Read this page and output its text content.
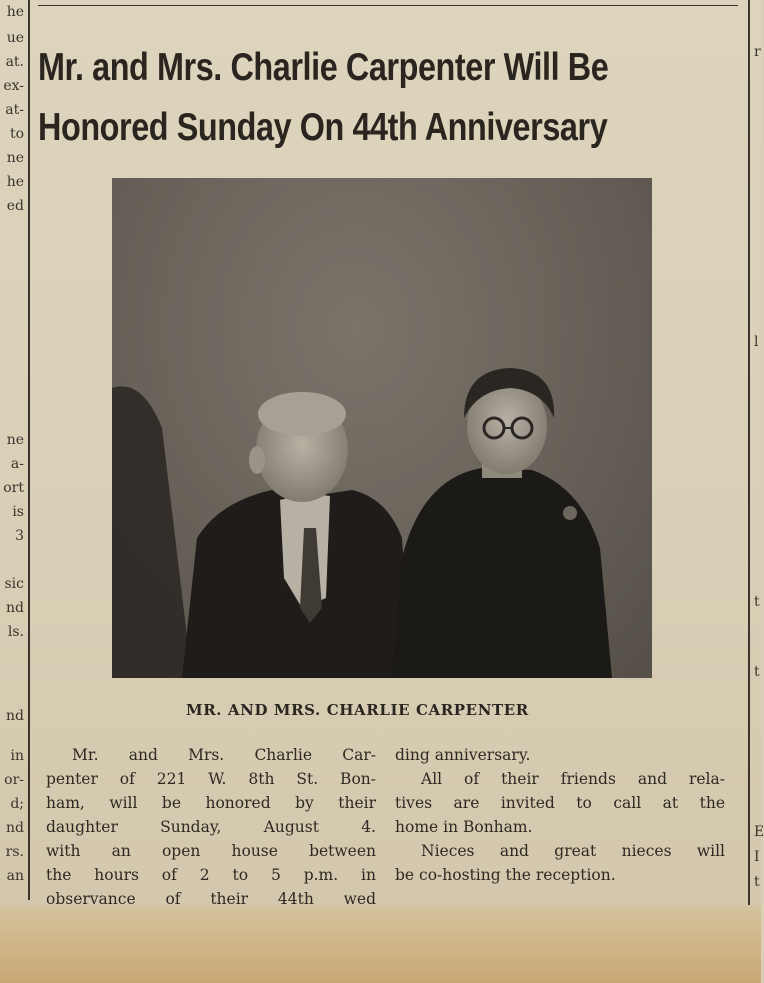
he
ue
at.
ex-
at-
to
ne
he
ed
ne
a-
ort
is
3
sic
nd
ls.
nd
in
or-
d;
nd
rs.
an
r
l
t
t
E
I
t
Mr. and Mrs. Charlie Carpenter Will Be
Honored Sunday On 44th Anniversary
MR. AND MRS. CHARLIE CARPENTER
Mr. and Mrs. Charlie Car-
penter of 221 W. 8th St. Bon-
ham, will be honored by their
daughter Sunday, August 4.
with an open house between
the hours of 2 to 5 p.m. in
observance of their 44th wed
ding anniversary.
All of their friends and rela-
tives are invited to call at the
home in Bonham.
Nieces and great nieces will
be co-hosting the reception.
